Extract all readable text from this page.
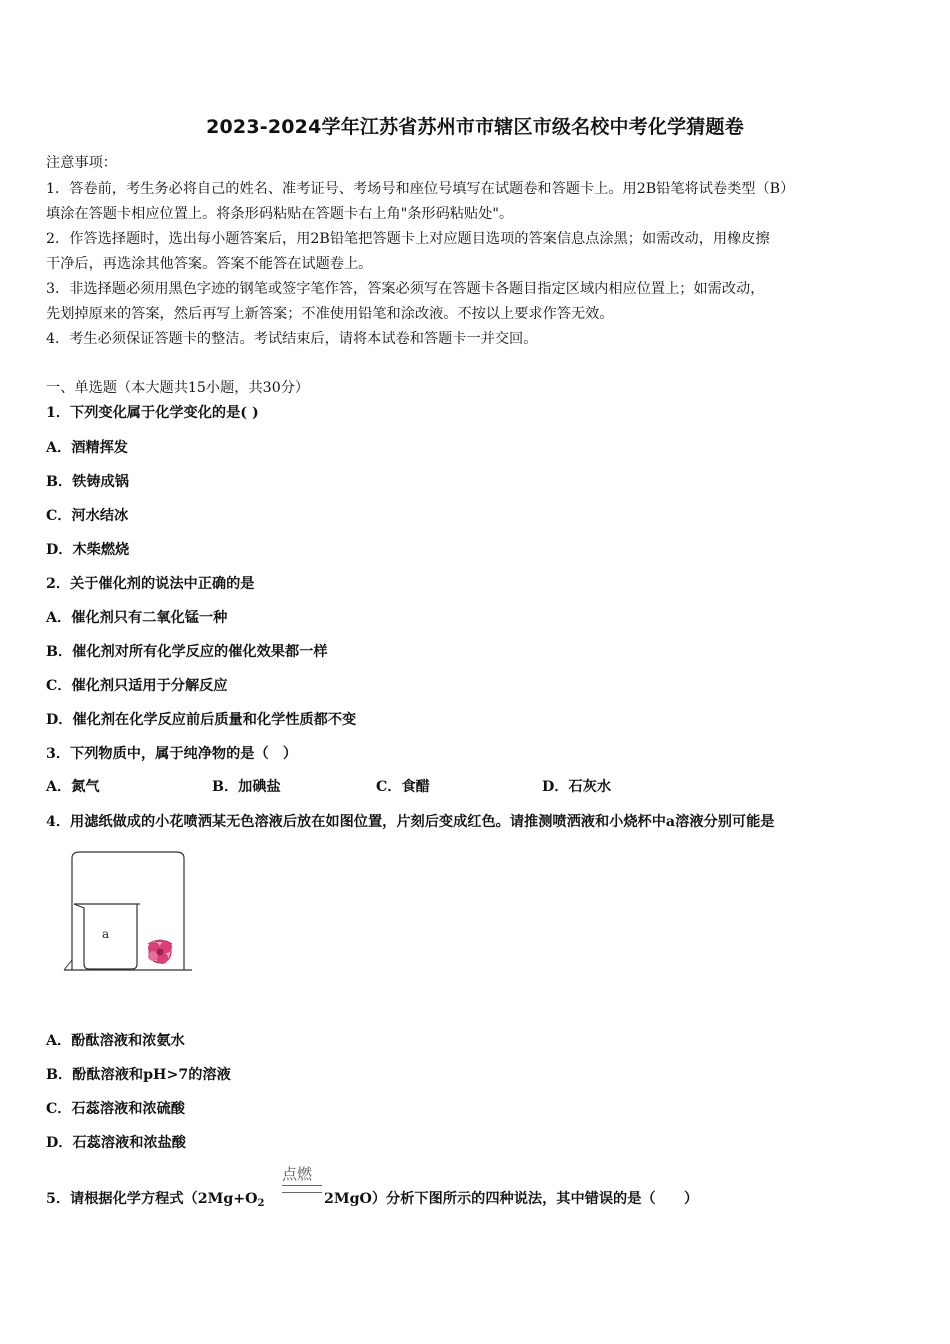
2023-2024学年江苏省苏州市市辖区市级名校中考化学猜题卷
注意事项：
1．答卷前，考生务必将自己的姓名、准考证号、考场号和座位号填写在试题卷和答题卡上。用2B铅笔将试卷类型（B）
填涂在答题卡相应位置上。将条形码粘贴在答题卡右上角"条形码粘贴处"。
2．作答选择题时，选出每小题答案后，用2B铅笔把答题卡上对应题目选项的答案信息点涂黑；如需改动，用橡皮擦
干净后，再选涂其他答案。答案不能答在试题卷上。
3．非选择题必须用黑色字迹的钢笔或签字笔作答，答案必须写在答题卡各题目指定区域内相应位置上；如需改动，
先划掉原来的答案，然后再写上新答案；不准使用铅笔和涂改液。不按以上要求作答无效。
4．考生必须保证答题卡的整洁。考试结束后，请将本试卷和答题卡一并交回。
一、单选题（本大题共15小题，共30分）
1．下列变化属于化学变化的是( )
A．酒精挥发
B．铁铸成锅
C．河水结冰
D．木柴燃烧
2．关于催化剂的说法中正确的是
A．催化剂只有二氧化锰一种
B．催化剂对所有化学反应的催化效果都一样
C．催化剂只适用于分解反应
D．催化剂在化学反应前后质量和化学性质都不变
3．下列物质中，属于纯净物的是（　）
A．氮气	B．加碘盐	C．食醋	D．石灰水
4．用滤纸做成的小花喷洒某无色溶液后放在如图位置，片刻后变成红色。请推测喷洒液和小烧杯中a溶液分别可能是
a
A．酚酞溶液和浓氨水
B．酚酞溶液和pH>7的溶液
C．石蕊溶液和浓硫酸
D．石蕊溶液和浓盐酸
5．请根据化学方程式（$2Mg+O_2$
点燃
2MgO）分析下图所示的四种说法，其中错误的是（　　）
